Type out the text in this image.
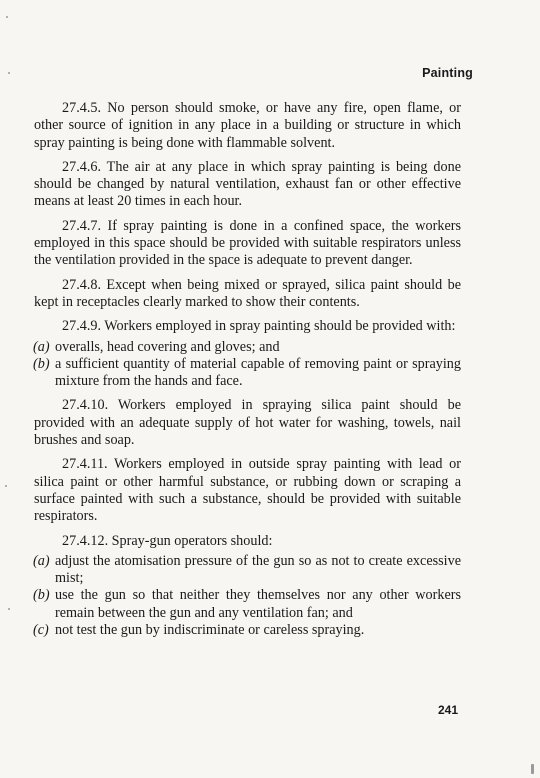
Painting

27.4.5. No person should smoke, or have any fire, open flame, or other source of ignition in any place in a building or structure in which spray painting is being done with flammable solvent.

27.4.6. The air at any place in which spray painting is being done should be changed by natural ventilation, exhaust fan or other effective means at least 20 times in each hour.

27.4.7. If spray painting is done in a confined space, the workers employed in this space should be provided with suitable respirators unless the ventilation provided in the space is adequate to prevent danger.

27.4.8. Except when being mixed or sprayed, silica paint should be kept in receptacles clearly marked to show their contents.

27.4.9. Workers employed in spray painting should be provided with:

(a) overalls, head covering and gloves; and
(b) a sufficient quantity of material capable of removing paint or spraying mixture from the hands and face.

27.4.10. Workers employed in spraying silica paint should be provided with an adequate supply of hot water for washing, towels, nail brushes and soap.

27.4.11. Workers employed in outside spray painting with lead or silica paint or other harmful substance, or rubbing down or scraping a surface painted with such a substance, should be provided with suitable respirators.

27.4.12. Spray-gun operators should:

(a) adjust the atomisation pressure of the gun so as not to create excessive mist;
(b) use the gun so that neither they themselves nor any other workers remain between the gun and any ventilation fan; and
(c) not test the gun by indiscriminate or careless spraying.
241
